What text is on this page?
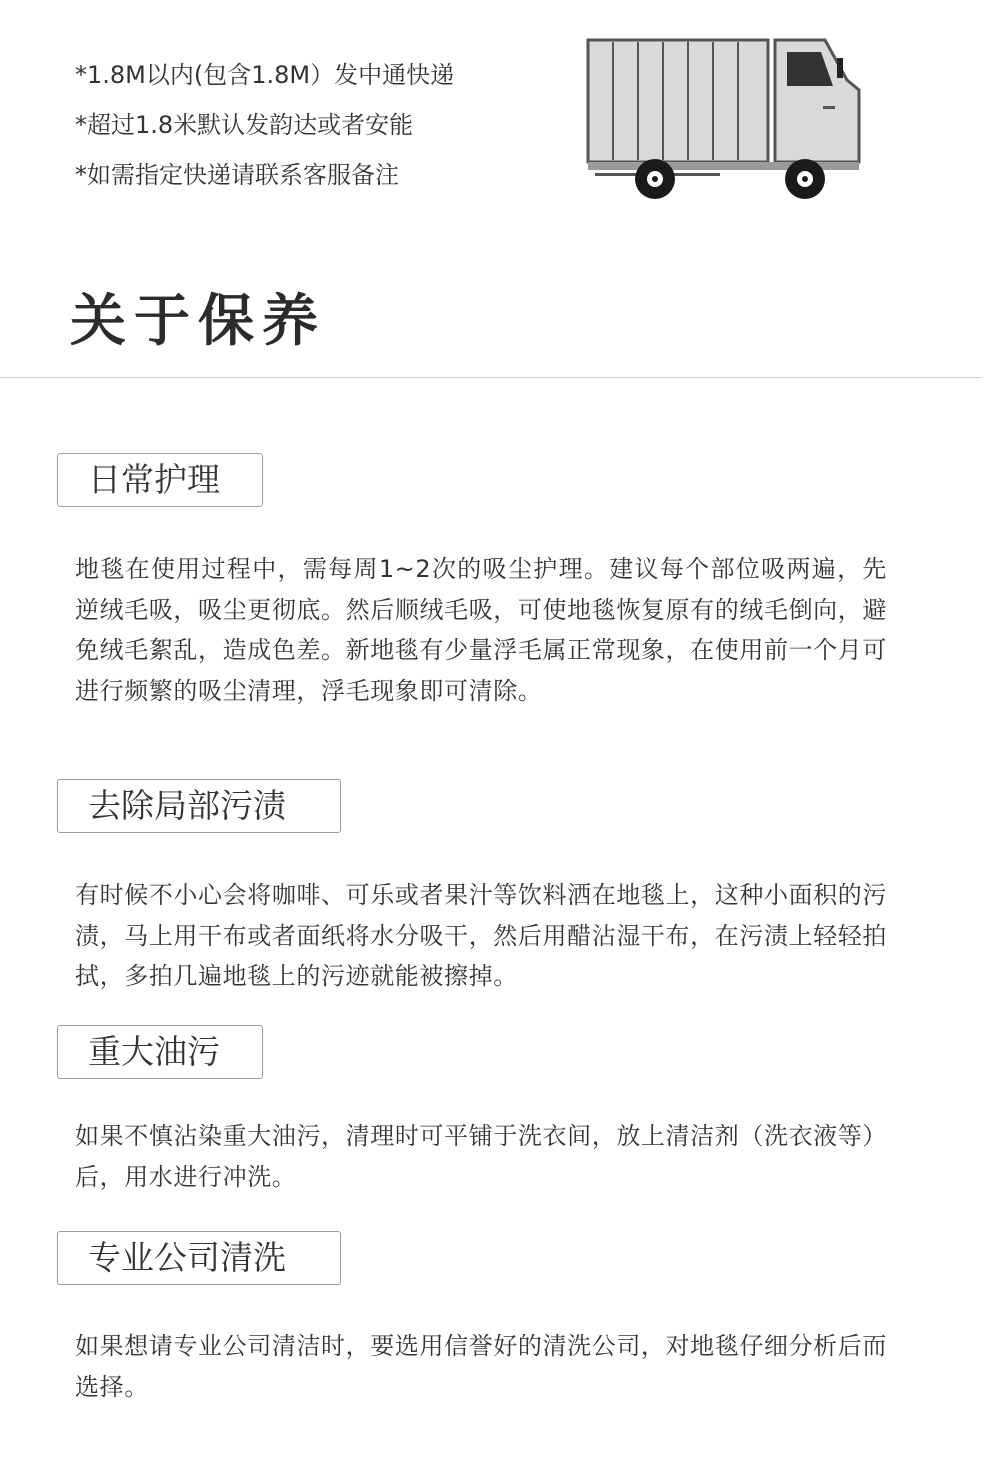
*1.8M以内(包含1.8M）发中通快递
*超过1.8米默认发韵达或者安能
*如需指定快递请联系客服备注
关于保养
日常护理
地毯在使用过程中，需每周1~2次的吸尘护理。建议每个部位吸两遍，先逆绒毛吸，吸尘更彻底。然后顺绒毛吸，可使地毯恢复原有的绒毛倒向，避免绒毛絮乱，造成色差。新地毯有少量浮毛属正常现象，在使用前一个月可进行频繁的吸尘清理，浮毛现象即可清除。
去除局部污渍
有时候不小心会将咖啡、可乐或者果汁等饮料洒在地毯上，这种小面积的污渍，马上用干布或者面纸将水分吸干，然后用醋沾湿干布，在污渍上轻轻拍拭，多拍几遍地毯上的污迹就能被擦掉。
重大油污
如果不慎沾染重大油污，清理时可平铺于洗衣间，放上清洁剂（洗衣液等）后，用水进行冲洗。
专业公司清洗
如果想请专业公司清洁时，要选用信誉好的清洗公司，对地毯仔细分析后而选择。
